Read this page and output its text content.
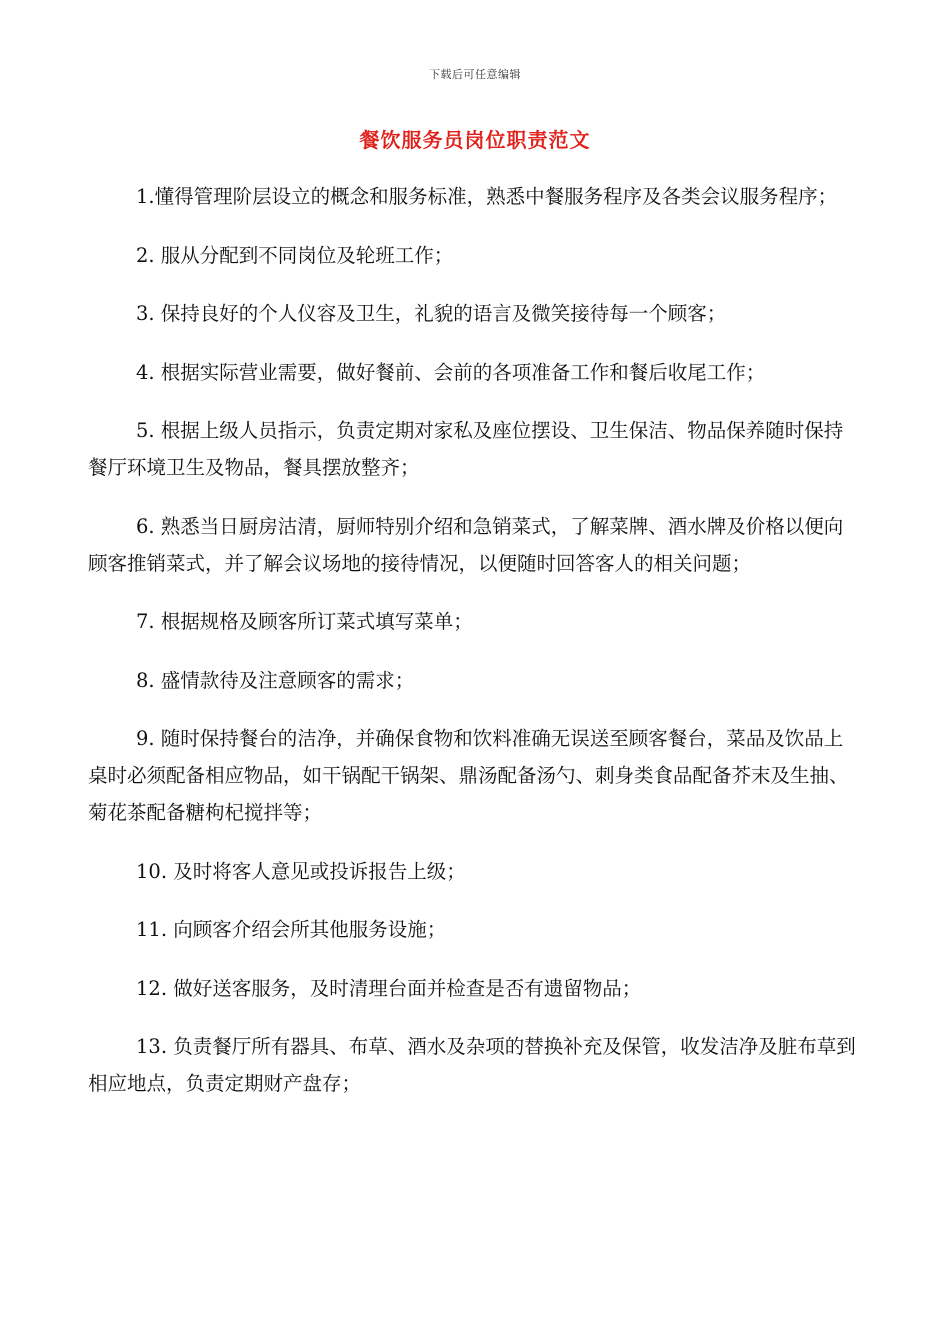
下载后可任意编辑
餐饮服务员岗位职责范文

1.懂得管理阶层设立的概念和服务标准，熟悉中餐服务程序及各类会议服务程序；

2. 服从分配到不同岗位及轮班工作；

3. 保持良好的个人仪容及卫生，礼貌的语言及微笑接待每一个顾客；

4. 根据实际营业需要，做好餐前、会前的各项准备工作和餐后收尾工作；

5. 根据上级人员指示，负责定期对家私及座位摆设、卫生保洁、物品保养随时保持餐厅环境卫生及物品，餐具摆放整齐；

6. 熟悉当日厨房沽清，厨师特别介绍和急销菜式，了解菜牌、酒水牌及价格以便向顾客推销菜式，并了解会议场地的接待情况，以便随时回答客人的相关问题；

7. 根据规格及顾客所订菜式填写菜单；

8. 盛情款待及注意顾客的需求；

9. 随时保持餐台的洁净，并确保食物和饮料准确无误送至顾客餐台，菜品及饮品上桌时必须配备相应物品，如干锅配干锅架、鼎汤配备汤勺、刺身类食品配备芥末及生抽、菊花茶配备糖枸杞搅拌等；

10. 及时将客人意见或投诉报告上级；

11. 向顾客介绍会所其他服务设施；

12. 做好送客服务，及时清理台面并检查是否有遗留物品；

13. 负责餐厅所有器具、布草、酒水及杂项的替换补充及保管，收发洁净及脏布草到相应地点，负责定期财产盘存；
